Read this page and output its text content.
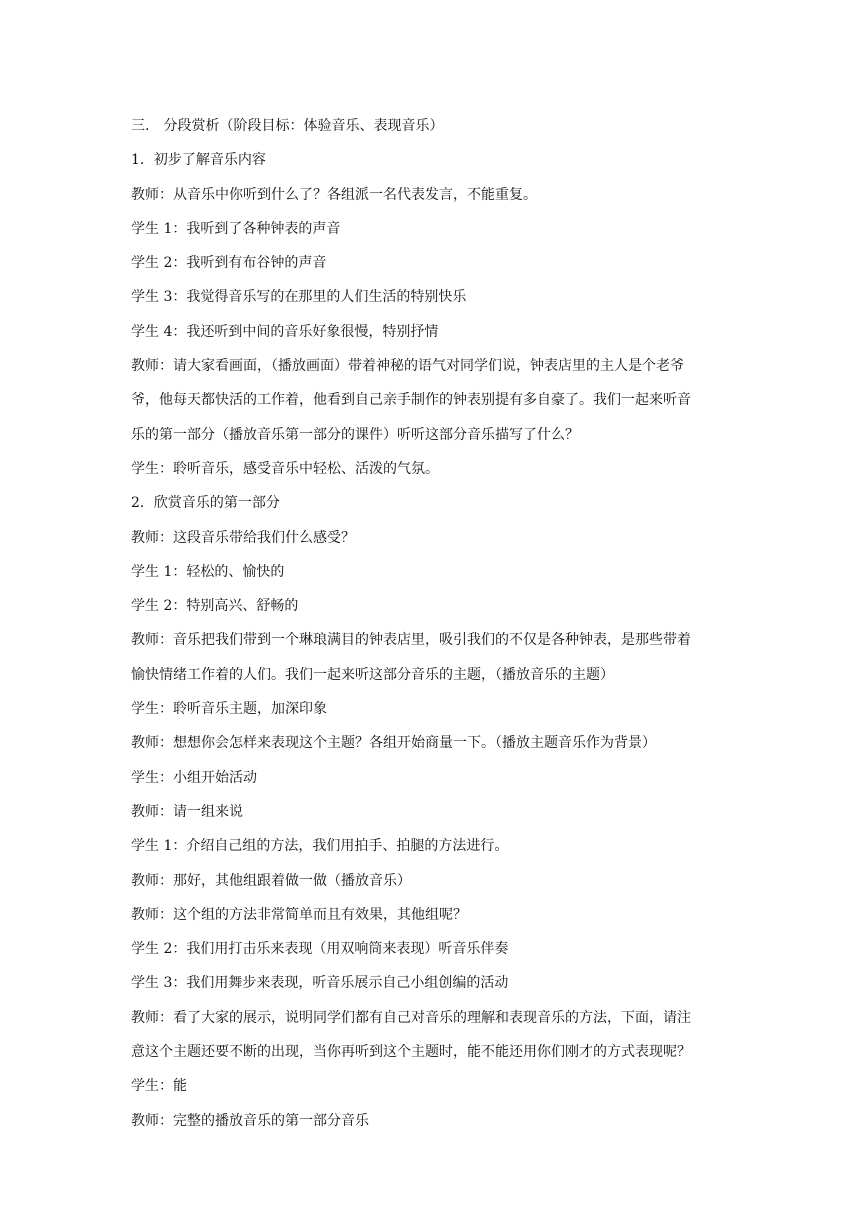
三.　分段赏析（阶段目标：体验音乐、表现音乐）

1．初步了解音乐内容

教师：从音乐中你听到什么了？各组派一名代表发言，不能重复。

学生 1：我听到了各种钟表的声音

学生 2：我听到有布谷钟的声音

学生 3：我觉得音乐写的在那里的人们生活的特别快乐

学生 4：我还听到中间的音乐好象很慢，特别抒情

教师：请大家看画面，（播放画面）带着神秘的语气对同学们说，钟表店里的主人是个老爷

爷，他每天都快活的工作着，他看到自己亲手制作的钟表别提有多自豪了。我们一起来听音

乐的第一部分（播放音乐第一部分的课件）听听这部分音乐描写了什么？

学生：聆听音乐，感受音乐中轻松、活泼的气氛。

2．欣赏音乐的第一部分

教师：这段音乐带给我们什么感受？

学生 1：轻松的、愉快的

学生 2：特别高兴、舒畅的

教师：音乐把我们带到一个琳琅满目的钟表店里，吸引我们的不仅是各种钟表，是那些带着

愉快情绪工作着的人们。我们一起来听这部分音乐的主题，（播放音乐的主题）

学生：聆听音乐主题，加深印象

教师：想想你会怎样来表现这个主题？各组开始商量一下。（播放主题音乐作为背景）

学生：小组开始活动

教师：请一组来说

学生 1：介绍自己组的方法，我们用拍手、拍腿的方法进行。

教师：那好，其他组跟着做一做（播放音乐）

教师：这个组的方法非常简单而且有效果，其他组呢？

学生 2：我们用打击乐来表现（用双响筒来表现）听音乐伴奏

学生 3：我们用舞步来表现，听音乐展示自己小组创编的活动

教师：看了大家的展示，说明同学们都有自己对音乐的理解和表现音乐的方法，下面，请注

意这个主题还要不断的出现，当你再听到这个主题时，能不能还用你们刚才的方式表现呢？

学生：能

教师：完整的播放音乐的第一部分音乐
